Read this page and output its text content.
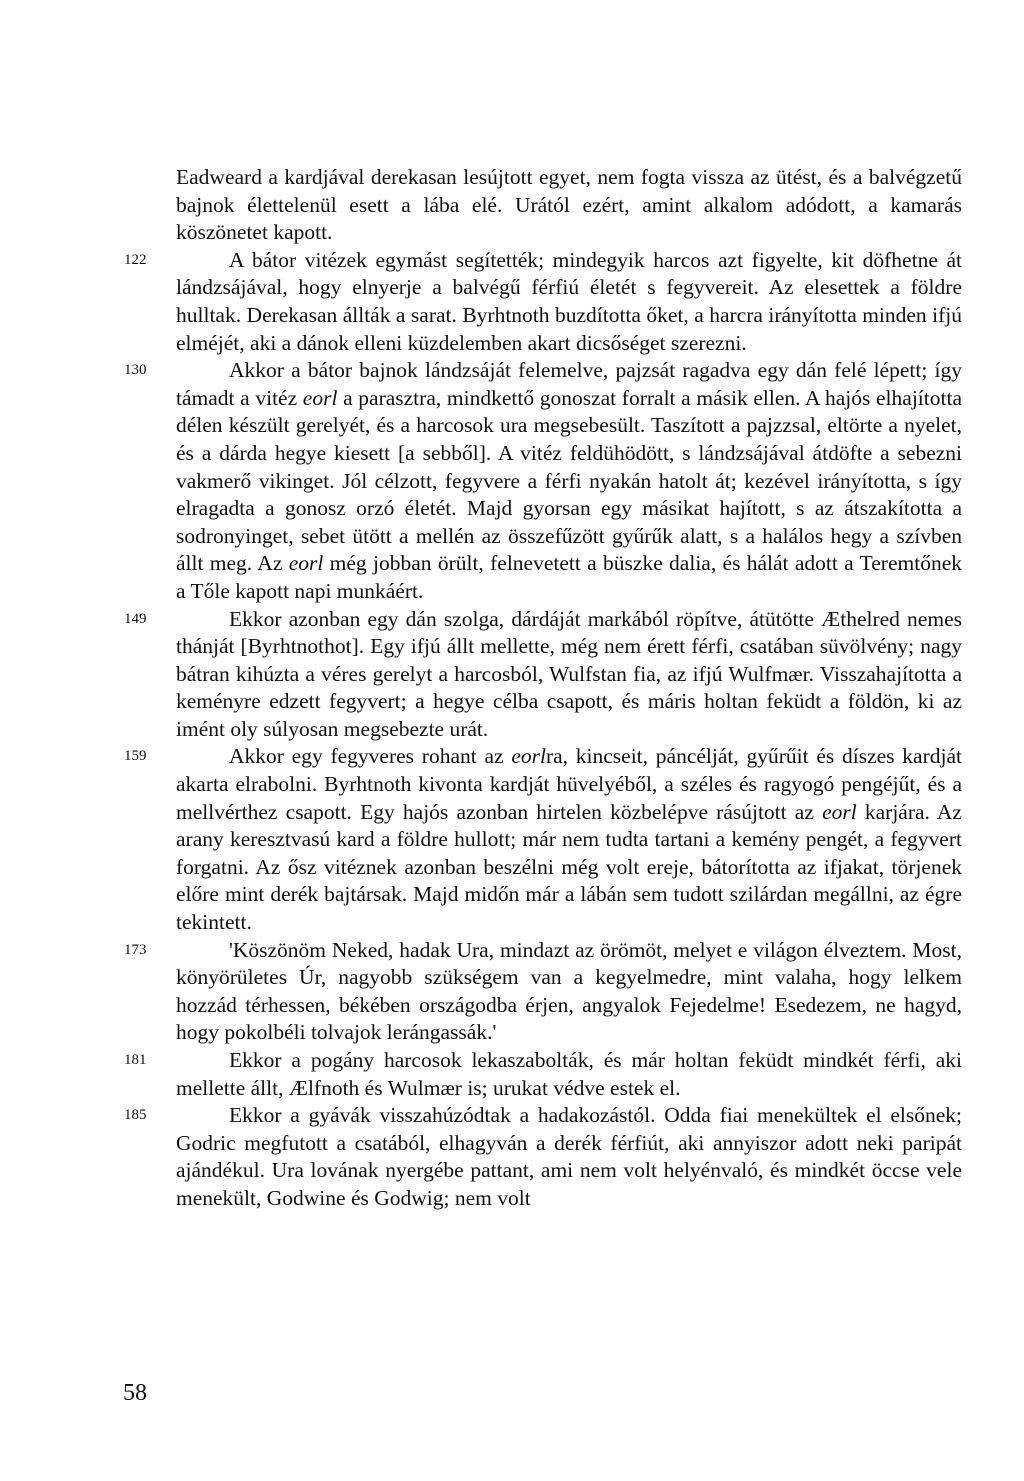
Eadweard a kardjával derekasan lesújtott egyet, nem fogta vissza az ütést, és a balvégzetű bajnok élettelenül esett a lába elé. Urától ezért, amint alkalom adódott, a kamarás köszönetet kapott.

122	A bátor vitézek egymást segítették; mindegyik harcos azt figyelte, kit döfhetne át lándzsájával, hogy elnyerje a balvégű férfiú életét s fegyvereit. Az elesettek a földre hulltak. Derekasan állták a sarat. Byrhtnoth buzdította őket, a harcra irányította minden ifjú elméjét, aki a dánok elleni küzdelemben akart dicsőséget szerezni.

130	Akkor a bátor bajnok lándzsáját felemelve, pajzsát ragadva egy dán felé lépett; így támadt a vitéz eorl a parasztra, mindkettő gonoszat forralt a másik ellen. A hajós elhajította délen készült gerelyét, és a harcosok ura megsebesült. Taszított a pajzzsal, eltörte a nyelet, és a dárda hegye kiesett [a sebből]. A vitéz feldühödött, s lándzsájával átdöfte a sebezni vakmerő vikinget. Jól célzott, fegyvere a férfi nyakán hatolt át; kezével irányította, s így elragadta a gonosz orzó életét. Majd gyorsan egy másikat hajított, s az átszakította a sodronyinget, sebet ütött a mellén az összefűzött gyűrűk alatt, s a halálos hegy a szívben állt meg. Az eorl még jobban örült, felnevetett a büszke dalia, és hálát adott a Teremtőnek a Tőle kapott napi munkáért.

149	Ekkor azonban egy dán szolga, dárdáját markából röpítve, átütötte Æthelred nemes thánját [Byrhtnothot]. Egy ifjú állt mellette, még nem érett férfi, csatában süvölvény; nagy bátran kihúzta a véres gerelyt a harcosból, Wulfstan fia, az ifjú Wulfmær. Visszahajította a keményre edzett fegyvert; a hegye célba csapott, és máris holtan feküdt a földön, ki az imént oly súlyosan megsebezte urát.

159	Akkor egy fegyveres rohant az eorlra, kincseit, páncélját, gyűrűit és díszes kardját akarta elrabolni. Byrhtnoth kivonta kardját hüvelyéből, a széles és ragyogó pengéjűt, és a mellvérthez csapott. Egy hajós azonban hirtelen közbelépve rásújtott az eorl karjára. Az arany keresztvasú kard a földre hullott; már nem tudta tartani a kemény pengét, a fegyvert forgatni. Az ősz vitéznek azonban beszélni még volt ereje, bátorította az ifjakat, törjenek előre mint derék bajtársak. Majd midőn már a lábán sem tudott szilárdan megállni, az égre tekintett.

173	'Köszönöm Neked, hadak Ura, mindazt az örömöt, melyet e világon élveztem. Most, könyörületes Úr, nagyobb szükségem van a kegyelmedre, mint valaha, hogy lelkem hozzád térhessen, békében országodba érjen, angyalok Fejedelme! Esedezem, ne hagyd, hogy pokolbéli tolvajok lerángassák.'

181	Ekkor a pogány harcosok lekaszabolták, és már holtan feküdt mindkét férfi, aki mellette állt, Ælfnoth és Wulmær is; urukat védve estek el.

185	Ekkor a gyávák visszahúzódtak a hadakozástól. Odda fiai menekültek el elsőnek; Godric megfutott a csatából, elhagyván a derék férfiút, aki annyiszor adott neki paripát ajándékul. Ura lovának nyergébe pattant, ami nem volt helyénvaló, és mindkét öccse vele menekült, Godwine és Godwig; nem volt

58
